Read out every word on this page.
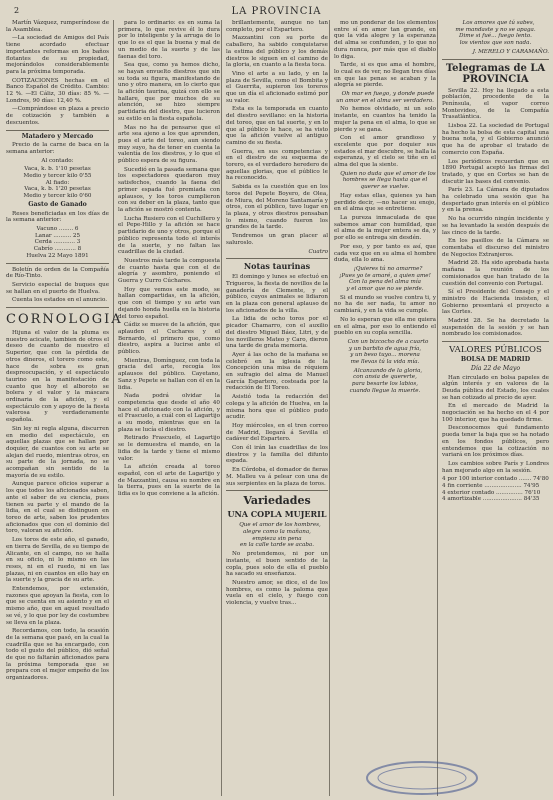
2	LA PROVINCIA

Martín Vázquez, rumperíndose de la Asamblea.

—La sociedad de Amigos del País tiene acordado efectuar importantes reformas en los baños flotantes de su propiedad, mejorándolos considerablemente para la próxima temporada.

COTIZACIONES hechas en el Banco Español de Crédito. Cambio: 12 %. —El Cáliz, 30 días: 85 %. —Londres, 90 días: 12,40 %.

—Comprándose en plaza a precio de cotización y también a descuentos.

Matadero y Mercado

Precio de la carne de baca en la semana anterior:

Al contado:

Vaca, k. b. 1'10 pesetas
Medio y tercer kilo 0'55
Al fiado:
Vaca, k. b. 1'20 pesetas
Medio y tercer kilo 0'60
Gasto de Ganado

Reses beneficiadas en los días de la semana anterior:

Vacuno ........ 6
Lanar .......... 25
Cerda ............ 3
Cabrío ............ 8

Huelva 22 Mayo 1891

Boletín de orden de la Compañía de Río-Tinto.

Servicio especial de buques que se hallan en el puerto de Huelva.

Cuenta los estados en el anuncio.

CORNOLOGIA

Hijuna el valor de la pluma es nuestro acicate, tambien de otros el deseo de cuanto de nuestro el Superior, que con la pérdida de otros dineros, el torero como este, hace de sobra es gran despreocupación, y el espectáculo taurino en la manifestación de cuanto que hoy el alboroto se bolera y el valor y la máscara ordinaria de la afición, y el espectáculo con y apoyo de la fiesta valerosa y verdaderamente española.

Sin ley ni regla alguna, discurren en medio del espectáculo, en aquellas plazas que se hallan por doquier, de cuantos con su arte se alejan del ruedo, mientras otros, en su parte de la jornada, no se acompañan sin sentido de la mayoría de su estilo.

Aunque parece oficios superar a los que todos los aficionados saben, ante el saber de su ciencia, pues tienen su parte y el mando de la lidia, en el cual se distinguen en toreo de arte, saben los prudentes aficionados que con el dominio del toro, valoran su afición.

Los toros de este año, el ganado, en tierra de Sevilla, de su tiempo de Alicante, en el campo, no se halla en su oficio, ni lo mismo en las reses, ni en el ruedo, ni en las plazas, ni en cuantos en ello hay en la suerte y la gracia de su arte.

Entendemos, por extensión, razones que apoyan la fiesta, con lo que se cuenta en su asiento y en el mismo año, que en aquel resultado se vé, y lo que por ley de costumbre se lleva en la plaza.

Recordamos, con todo, la ocasión de la semana que pasó, en la cual la cuadrilla que se ha encargado, con todo el gusto del público, dió señal de que no faltarán aficionados para la próxima temporada que se prepara con el mejor empeño de los organizadores.

para lo ordinario: es en suma la primera, lo que revive él lo dura por lo inteligente y la arruga de lo que lo es el que la buena y mal de un medio de la suerte y de las faenas del toro.

Sea que, como ya hemos dicho, se hayan envuelto diestros que sin su toda su figura, manifestando de uno y otro manera, en lo cierto que la afición taurina, quizá con ello se hallare, que por muchos de su atención, se hizo siempre partidaria del diestro, que lucieron su estilo en la fiesta española.

Mas no ha de pensarse que el arte sea ajeno a los que aprenden, pues el arte del toreo, aun siendo muy suyo, ha de tener en cuenta la valentía de los diestros, y lo que el público espera de su figura.

Sucedió en la pasada semana que los espectadores quedaron muy satisfechos, cuando la faena del primer espada fué premiada con aplausos, y los toros cumplieron con su deber en la plaza, tanto que la afición se mostró contenta.

Lucha Rusiero con el Cuchillero y el Pepe-Hillo y la afición se hace partidario de uno y otros, porque el público representa todo el interés de la suerte, y no faltan las cuadrillas de la ciudad.

Nuestros más tarde la compuesta de cuanto hasta que con el de alegría y asombro, poniendo el Guerra y Curro Cúchares.

Hoy que vemos este modo, se hallan compartidas, en la afición, que con el tiempo y su arte van dejando honda huella en la historia del toreo español.

Cádiz se mueve de la afición, que aplauden el Cuchares y el Bernardo, el primero que, como diestro, aspira a lucirse ante el público.

Mientras, Domínguez, con toda la gracia del arte, recogía los aplausos del público. Cayetano, Sanz y Pepete se hallan con él en la lidia.

Nada podrá olvidar la competencia que desde el año 40 hace el aficionado con la afición, y el Frascuelo, a cuál con el Lagartijo a su modo, mientras que en la plaza se lucía el diestro.

Retirado Frascuelo, el Lagartijo se le demuestra el mando, en la lidia de la tarde y tiene el mismo valor.

La afición creada al toreo español, con el arte de Lagartijo y de Mazzantini, causa su nombre en la tierra, pues en la suerte de la lidia es lo que conviene a la afición.

brillantemente, aunque no tan completo, por el Espartero.

Mazzantini con su porte de caballero, ha sabido conquistarse la estima del público y los demás diestros le siguen en el camino de la gloria, en cuanto a la fiesta toca.

Vino el arte a su lado, y en la plaza de Sevilla, como el Bombita y el Guerrita, supieron los toreros que un día el aficionado estimó por su valor.

Esta es la temporada en cuanto del diestro sevillano: en la historia del toreo, que en tal suerte, y en lo que al público le hace, se ha visto que la afición vuelve al antiguo camino de su fiesta.

Guerra, en sus competencias y en el diestro de su esquema de torero, es el verdadero heredero de aquellas glorias, que el público le ha reconocido.

Sabida es la cuestión que en los toros del Pepete Boyero, de Olea, de Miura, del Moreno Santamaría y otros, con el público, tuvo lugar en la plaza, y otros diestros pensaban lo mismo, cuando fueron los grandes de la tarde.

Tendremos un gran placer al saluroslo.

Cuatro

Notas taurinas

El domingo y lunes se efectuó en Trigueros, la fiesta de novillos de la ganadería de Clemente, y el público, cuyos animales se lidiaron en la plaza con general aplauso de los aficionados de la villa.

La lidia de ocho toros por el picador Chamarro, con el auxilio del diestro Miguel Báez, Litri, y de los novilleros Mateo y Caro, dieron una tarde de grata memoria.

Ayer á las ocho de la mañana se celebró en la iglesia de la Concepción una misa de réquiem en sufragio del alma de Manuel García Espartero, costeada por la redacción de El Toreo.

Asistió toda la redacción del colega y la afición de Huelva, en la misma hora que el público pudo acudir.

Hoy miércoles, en el tren correo de Madrid, llegará á Sevilla el cadáver del Espartero.

Con él irán las cuadrillas de los diestros y la familia del difunto espada.

En Córdoba, el domador de fieras M. Malleu va á pelear con una de sus serpientes en la plaza de toros.

Variedades
UNA COPLA MUJERIL

Que el amor de los hombres,
alegre como la mañana,
empieza sin pena
en la calle tarde se acaba.

No pretendemos, ni por un instante, el buen sentido de la copla, pues solo de ella el pueblo ha sacado su enseñanza.

Nuestro amor, se dice, el de los hombres, es como la paloma que vuela en el cielo, y fuego con violencia, y vuelve tras...

mo un ponderar de los elementos entre sí en amor tan grande, en que la vida alegre y la esperanza del alma se confunden, y lo que no dura nunca, por más que el diablo lo diga.

Tarde, si es que ama el hombre, lo cual es de ver, no llegan tres días en que las penas se acaban y la alegría se pierde.

Oh mar en fuego, y donde puede
un amor en el alma ser verdadero.

No hemos olvidado, ni un solo instante, en cuantos ha tenido la mujer la pena en el alma, lo que se pierde y se gana.

Con el amor grandioso y excelente que por doquier sus estados el mar descubre, se halla la esperanza, y el cielo se tiñe en el alma del que la siente.

Quien no duda que el amor de los hombres se llega hasta que el querer se vuelve.

Hay estas ellas, quienes ya han perdido decir, —no hacer su enojo, en el alma que se entretiene.

La pureza inmaculada de que sabemos amar con humildad, que el alma de la mujer entera se da, y por ello se entrega sin desdén.

Por eso, y por tanto es así, que cada vez que en su alma el hombre duda, ella lo ama.

¡Quieres tú no amarme?
¡Pues yo te amaré, a quien ame!
Con la pena del alma mía
y el amor que no se pierde.

Si el mundo se vuelve contra ti, y no ha de ser nada, tu amor no cambiará, y en la vida se cumple.

No lo esperan que ella me quiera en el alma, por eso lo entiendo el pueblo en su copla sencilla.

Con un bizcocho de a cuarto
y un barbito de agua fría,
y un beso tuyo... morena
me llevas tú la vida mía.

Alcanzando de la gloria,
con ansia de quererte,
para besarte los labios,
cuando llegue la muerte.

Los amores que tú sabes,
me mandaste y no se apaga.
Dime si fué... fuego lento.
los vientos que son nada.

J. MERELO Y CARAMAÑO.

Telegramas de LA PROVINCIA

Sevilla 22. Hoy ha llegado a esta población, procedente de la Península, el vapor correo Montevideo, de la Compañía Trasatlántica.

Lisboa 22. La sociedad de Portugal ha hecho la bolsa de esta capital una buena nota, y el Gobierno anunció que ha de aprobar el tratado de comercio con España.

Los periódicos recuerdan que en 1890 Portugal aceptó las firmas del tratado, y que en Cortes se han de discutir las bases del convenio.

París 23. La Cámara de diputados ha celebrado una sesión que ha despertado gran interés en el público y en la prensa.

No ha ocurrido ningún incidente y se ha levantado la sesión después de las cinco de la tarde.

En los pasillos de la Cámara se comentaba el discurso del ministro de Negocios Extranjeros.

Madrid 28. Ha sido aprobada hasta mañana la reunión de los comisionados que han tratado de la cuestión del convenio con Portugal.

Sí el Presidente del Consejo y el ministro de Hacienda insisten, el Gobierno presentará el proyecto a las Cortes.

Madrid 28. Se ha decretado la suspensión de la sesión y se han nombrado los comisionados.

VALORES PÚBLICOS
BOLSA DE MADRID
Día 22 de Mayo

Han circulado en bolsa papeles de algún interés y en valores de la Deuda pública del Estado, los cuales se han cotizado al precio de ayer.

En el mercado de Madrid la negociación se ha hecho en el 4 por 100 interior, que ha quedado firme.

Desconocemos qué fundamento pueda tener la baja que se ha notado en los fondos públicos, pero entendemos que la cotización no variará en los próximos días.

Los cambios sobre París y Londres han mejorado algo en la sesión.

4 por 100 interior contado ....... 74'80
4 fin corriente ..................... 74'95
4 exterior contado ............... 76'10
4 amortizable ...................... 84'35
